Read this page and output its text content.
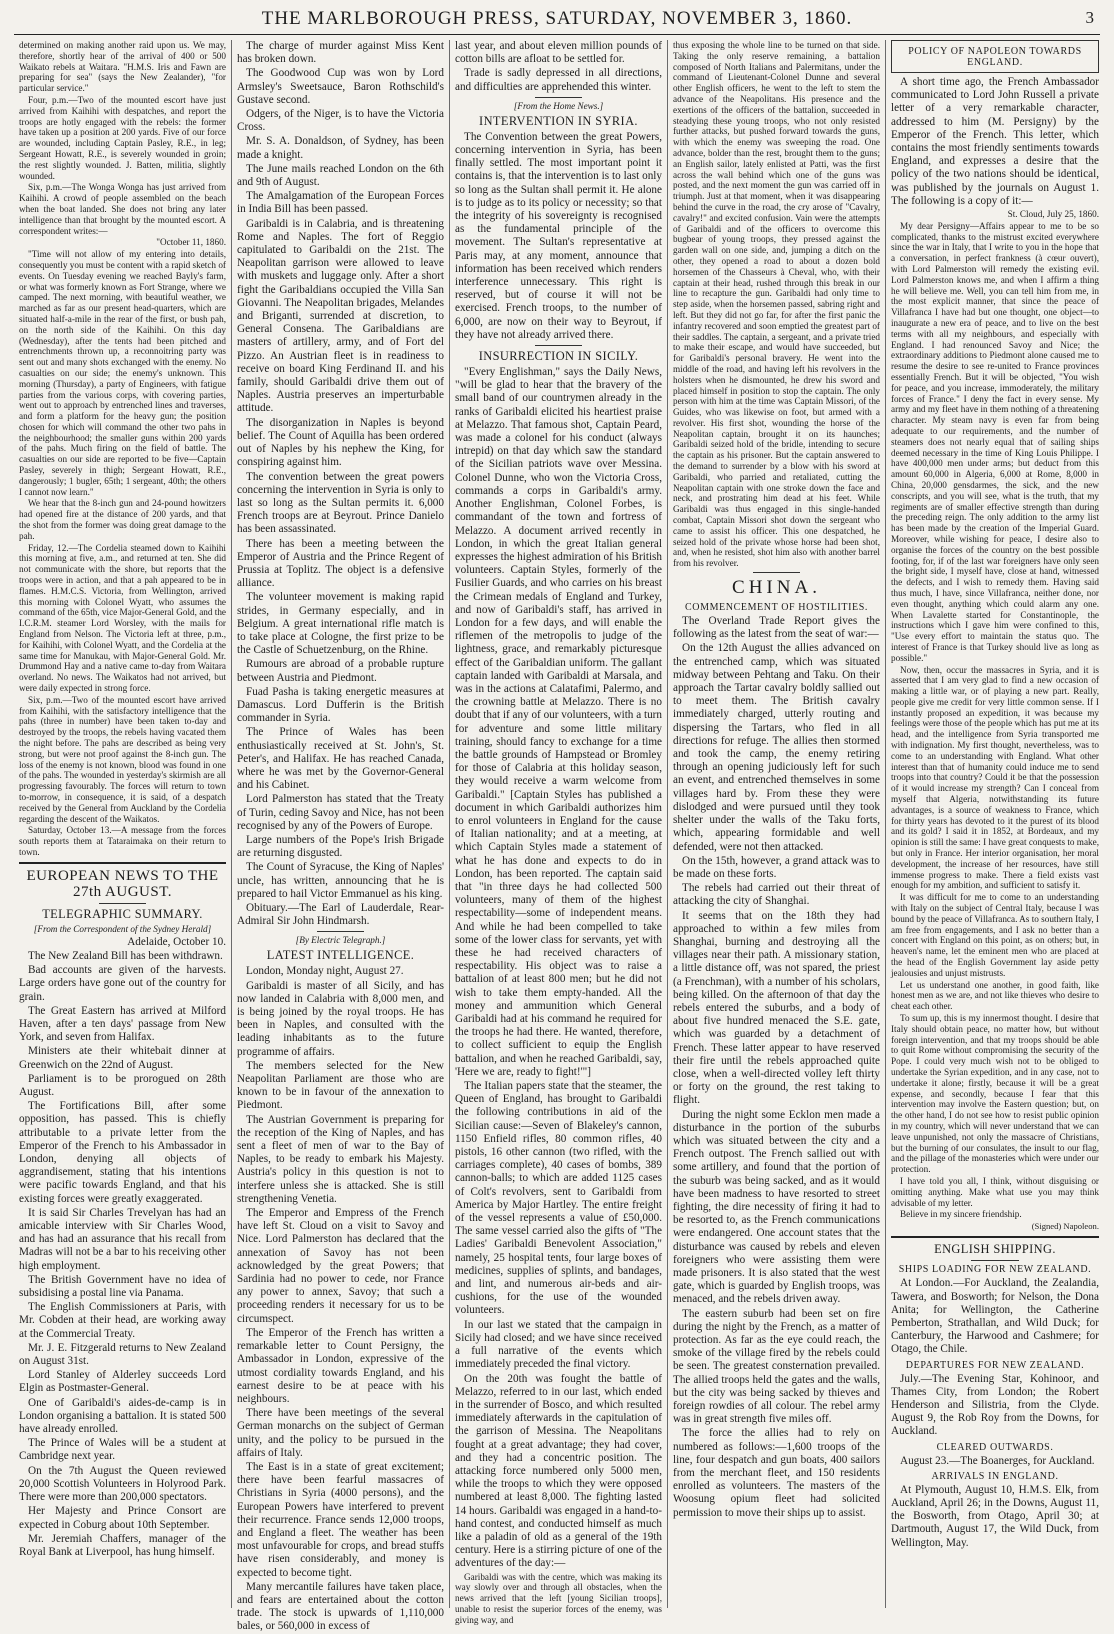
THE MARLBOROUGH PRESS, SATURDAY, NOVEMBER 3, 1860.	3

determined on making another raid upon us. We may, therefore, shortly hear of the arrival of 400 or 500 Waikato rebels at Waitara. "H.M.S. Iris and Fawn are preparing for sea" (says the New Zealander), "for particular service."

Four, p.m.—Two of the mounted escort have just arrived from Kaihihi with despatches, and report the troops are hotly engaged with the rebels: the former have taken up a position at 200 yards. Five of our force are wounded, including Captain Pasley, R.E., in leg; Sergeant Howatt, R.E., is severely wounded in groin; the rest slightly wounded. J. Batten, militia, slightly wounded.

Six, p.m.—The Wonga Wonga has just arrived from Kaihihi. A crowd of people assembled on the beach when the boat landed. She does not bring any later intelligence than that brought by the mounted escort. A correspondent writes:—

"October 11, 1860.

"Time will not allow of my entering into details, consequently you must be content with a rapid sketch of events. On Tuesday evening we reached Bayly's farm, or what was formerly known as Fort Strange, where we camped. The next morning, with beautiful weather, we marched as far as our present head-quarters, which are situated half-a-mile in the rear of the first, or bush pah, on the north side of the Kaihihi. On this day (Wednesday), after the tents had been pitched and entrenchments thrown up, a reconnoitring party was sent out and many shots exchanged with the enemy. No casualties on our side; the enemy's unknown. This morning (Thursday), a party of Engineers, with fatigue parties from the various corps, with covering parties, went out to approach by entrenched lines and traverses, and form a platform for the heavy gun; the position chosen for which will command the other two pahs in the neighbourhood; the smaller guns within 200 yards of the pahs. Much firing on the field of battle. The casualties on our side are reported to be five—Captain Pasley, severely in thigh; Sergeant Howatt, R.E., dangerously; 1 bugler, 65th; 1 sergeant, 40th; the others I cannot now learn."

We hear that the 8-inch gun and 24-pound howitzers had opened fire at the distance of 200 yards, and that the shot from the former was doing great damage to the pah.

Friday, 12.—The Cordelia steamed down to Kaihihi this morning at five, a.m., and returned at ten. She did not communicate with the shore, but reports that the troops were in action, and that a pah appeared to be in flames. H.M.C.S. Victoria, from Wellington, arrived this morning with Colonel Wyatt, who assumes the command of the 65th, vice Major-General Gold, and the I.C.R.M. steamer Lord Worsley, with the mails for England from Nelson. The Victoria left at three, p.m., for Kaihihi, with Colonel Wyatt, and the Cordelia at the same time for Manukau, with Major-General Gold. Mr. Drummond Hay and a native came to-day from Waitara overland. No news. The Waikatos had not arrived, but were daily expected in strong force.

Six, p.m.—Two of the mounted escort have arrived from Kaihihi, with the satisfactory intelligence that the pahs (three in number) have been taken to-day and destroyed by the troops, the rebels having vacated them the night before. The pahs are described as being very strong, but were not proof against the 8-inch gun. The loss of the enemy is not known, blood was found in one of the pahs. The wounded in yesterday's skirmish are all progressing favourably. The forces will return to town to-morrow, in consequence, it is said, of a despatch received by the General from Auckland by the Cordelia regarding the descent of the Waikatos.

Saturday, October 13.—A message from the forces south reports them at Tataraimaka on their return to town.

EUROPEAN NEWS TO THE 27th AUGUST.
TELEGRAPHIC SUMMARY.
[From the Correspondent of the Sydney Herald]

Adelaide, October 10.

The New Zealand Bill has been withdrawn.

Bad accounts are given of the harvests. Large orders have gone out of the country for grain.

The Great Eastern has arrived at Milford Haven, after a ten days' passage from New York, and seven from Halifax.

Ministers ate their whitebait dinner at Greenwich on the 22nd of August.

Parliament is to be prorogued on 28th August.

The Fortifications Bill, after some opposition, has passed. This is chiefly attributable to a private letter from the Emperor of the French to his Ambassador in London, denying all objects of aggrandisement, stating that his intentions were pacific towards England, and that his existing forces were greatly exaggerated.

It is said Sir Charles Trevelyan has had an amicable interview with Sir Charles Wood, and has had an assurance that his recall from Madras will not be a bar to his receiving other high employment.

The British Government have no idea of subsidising a postal line via Panama.

The English Commissioners at Paris, with Mr. Cobden at their head, are working away at the Commercial Treaty.

Mr. J. E. Fitzgerald returns to New Zealand on August 31st.

Lord Stanley of Alderley succeeds Lord Elgin as Postmaster-General.

One of Garibaldi's aides-de-camp is in London organising a battalion. It is stated 500 have already enrolled.

The Prince of Wales will be a student at Cambridge next year.

On the 7th August the Queen reviewed 20,000 Scottish Volunteers in Holyrood Park. There were more than 200,000 spectators.

Her Majesty and Prince Consort are expected in Coburg about 10th September.

Mr. Jeremiah Chaffers, manager of the Royal Bank at Liverpool, has hung himself.

The charge of murder against Miss Kent has broken down.

The Goodwood Cup was won by Lord Armsley's Sweetsauce, Baron Rothschild's Gustave second.

Odgers, of the Niger, is to have the Victoria Cross.

Mr. S. A. Donaldson, of Sydney, has been made a knight.

The June mails reached London on the 6th and 9th of August.

The Amalgamation of the European Forces in India Bill has been passed.

Garibaldi is in Calabria, and is threatening Rome and Naples. The fort of Reggio capitulated to Garibaldi on the 21st. The Neapolitan garrison were allowed to leave with muskets and luggage only. After a short fight the Garibaldians occupied the Villa San Giovanni. The Neapolitan brigades, Melandes and Briganti, surrended at discretion, to General Consena. The Garibaldians are masters of artillery, army, and of Fort del Pizzo. An Austrian fleet is in readiness to receive on board King Ferdinand II. and his family, should Garibaldi drive them out of Naples. Austria preserves an imperturbable attitude.

The disorganization in Naples is beyond belief. The Count of Aquilla has been ordered out of Naples by his nephew the King, for conspiring against him.

The convention between the great powers concerning the intervention in Syria is only to last so long as the Sultan permits it. 6,000 French troops are at Beyrout. Prince Danielo has been assassinated.

There has been a meeting between the Emperor of Austria and the Prince Regent of Prussia at Toplitz. The object is a defensive alliance.

The volunteer movement is making rapid strides, in Germany especially, and in Belgium. A great international rifle match is to take place at Cologne, the first prize to be the Castle of Schuetzenburg, on the Rhine.

Rumours are abroad of a probable rupture between Austria and Piedmont.

Fuad Pasha is taking energetic measures at Damascus. Lord Dufferin is the British commander in Syria.

The Prince of Wales has been enthusiastically received at St. John's, St. Peter's, and Halifax. He has reached Canada, where he was met by the Governor-General and his Cabinet.

Lord Palmerston has stated that the Treaty of Turin, ceding Savoy and Nice, has not been recognised by any of the Powers of Europe.

Large numbers of the Pope's Irish Brigade are returning disgusted.

The Count of Syracuse, the King of Naples' uncle, has written, announcing that he is prepared to hail Victor Emmanuel as his king.

Obituary.—The Earl of Lauderdale, Rear-Admiral Sir John Hindmarsh.

[By Electric Telegraph.]
LATEST INTELLIGENCE.

London, Monday night, August 27.

Garibaldi is master of all Sicily, and has now landed in Calabria with 8,000 men, and is being joined by the royal troops. He has been in Naples, and consulted with the leading inhabitants as to the future programme of affairs.

The members selected for the New Neapolitan Parliament are those who are known to be in favour of the annexation to Piedmont.

The Austrian Government is preparing for the reception of the King of Naples, and has sent a fleet of men of war to the Bay of Naples, to be ready to embark his Majesty. Austria's policy in this question is not to interfere unless she is attacked. She is still strengthening Venetia.

The Emperor and Empress of the French have left St. Cloud on a visit to Savoy and Nice. Lord Palmerston has declared that the annexation of Savoy has not been acknowledged by the great Powers; that Sardinia had no power to cede, nor France any power to annex, Savoy; that such a proceeding renders it necessary for us to be circumspect.

The Emperor of the French has written a remarkable letter to Count Persigny, the Ambassador in London, expressive of the utmost cordiality towards England, and his earnest desire to be at peace with his neighbours.

There have been meetings of the several German monarchs on the subject of German unity, and the policy to be pursued in the affairs of Italy.

The East is in a state of great excitement; there have been fearful massacres of Christians in Syria (4000 persons), and the European Powers have interfered to prevent their recurrence. France sends 12,000 troops, and England a fleet. The weather has been most unfavourable for crops, and bread stuffs have risen considerably, and money is expected to become tight.

Many mercantile failures have taken place, and fears are entertained about the cotton trade. The stock is upwards of 1,110,000 bales, or 560,000 in excess of

last year, and about eleven million pounds of cotton bills are afloat to be settled for.

Trade is sadly depressed in all directions, and difficulties are apprehended this winter.

[From the Home News.]
INTERVENTION IN SYRIA.

The Convention between the great Powers, concerning intervention in Syria, has been finally settled. The most important point it contains is, that the intervention is to last only so long as the Sultan shall permit it. He alone is to judge as to its policy or necessity; so that the integrity of his sovereignty is recognised as the fundamental principle of the movement. The Sultan's representative at Paris may, at any moment, announce that information has been received which renders interference unnecessary. This right is reserved, but of course it will not be exercised. French troops, to the number of 6,000, are now on their way to Beyrout, if they have not already arrived there.

INSURRECTION IN SICILY.

"Every Englishman," says the Daily News, "will be glad to hear that the bravery of the small band of our countrymen already in the ranks of Garibaldi elicited his heartiest praise at Melazzo. That famous shot, Captain Peard, was made a colonel for his conduct (always intrepid) on that day which saw the standard of the Sicilian patriots wave over Messina. Colonel Dunne, who won the Victoria Cross, commands a corps in Garibaldi's army. Another Englishman, Colonel Forbes, is commandant of the town and fortress of Melazzo. A document arrived recently in London, in which the great Italian general expresses the highest admiration of his British volunteers. Captain Styles, formerly of the Fusilier Guards, and who carries on his breast the Crimean medals of England and Turkey, and now of Garibaldi's staff, has arrived in London for a few days, and will enable the riflemen of the metropolis to judge of the lightness, grace, and remarkably picturesque effect of the Garibaldian uniform. The gallant captain landed with Garibaldi at Marsala, and was in the actions at Calatafimi, Palermo, and the crowning battle at Melazzo. There is no doubt that if any of our volunteers, with a turn for adventure and some little military training, should fancy to exchange for a time the battle grounds of Hampstead or Bromley for those of Calabria at this holiday season, they would receive a warm welcome from Garibaldi." [Captain Styles has published a document in which Garibaldi authorizes him to enrol volunteers in England for the cause of Italian nationality; and at a meeting, at which Captain Styles made a statement of what he has done and expects to do in London, has been reported. The captain said that "in three days he had collected 500 volunteers, many of them of the highest respectability—some of independent means. And while he had been compelled to take some of the lower class for servants, yet with these he had received characters of respectability. His object was to raise a battalion of at least 800 men; but he did not wish to take them empty-handed. All the money and ammunition which General Garibaldi had at his command he required for the troops he had there. He wanted, therefore, to collect sufficient to equip the English battalion, and when he reached Garibaldi, say, 'Here we are, ready to fight!'"]

The Italian papers state that the steamer, the Queen of England, has brought to Garibaldi the following contributions in aid of the Sicilian cause:—Seven of Blakeley's cannon, 1150 Enfield rifles, 80 common rifles, 40 pistols, 16 other cannon (two rifled, with the carriages complete), 40 cases of bombs, 389 cannon-balls; to which are added 1125 cases of Colt's revolvers, sent to Garibaldi from America by Major Hartley. The entire freight of the vessel represents a value of £50,000. The same vessel carried also the gifts of "The Ladies' Garibaldi Benevolent Association," namely, 25 hospital tents, four large boxes of medicines, supplies of splints, and bandages, and lint, and numerous air-beds and air-cushions, for the use of the wounded volunteers.

In our last we stated that the campaign in Sicily had closed; and we have since received a full narrative of the events which immediately preceded the final victory.

On the 20th was fought the battle of Melazzo, referred to in our last, which ended in the surrender of Bosco, and which resulted immediately afterwards in the capitulation of the garrison of Messina. The Neapolitans fought at a great advantage; they had cover, and they had a concentric position. The attacking force numbered only 5000 men, while the troops to which they were opposed numbered at least 8,000. The fighting lasted 14 hours. Garibaldi was engaged in a hand-to-hand contest, and conducted himself as much like a paladin of old as a general of the 19th century. Here is a stirring picture of one of the adventures of the day:—

Garibaldi was with the centre, which was making its way slowly over and through all obstacles, when the news arrived that the left [young Sicilian troops], unable to resist the superior forces of the enemy, was giving way, and

thus exposing the whole line to be turned on that side. Taking the only reserve remaining, a battalion composed of North Italians and Palermitans, under the command of Lieutenant-Colonel Dunne and several other English officers, he went to the left to stem the advance of the Neapolitans. His presence and the exertions of the officers of the battalion, succeeded in steadying these young troops, who not only resisted further attacks, but pushed forward towards the guns, with which the enemy was sweeping the road. One advance, bolder than the rest, brought them to the guns; an English sailor, lately enlisted at Patti, was the first across the wall behind which one of the guns was posted, and the next moment the gun was carried off in triumph. Just at that moment, when it was disappearing behind the curve in the road, the cry arose of "Cavalry, cavalry!" and excited confusion. Vain were the attempts of Garibaldi and of the officers to overcome this bugbear of young troops, they pressed against the garden wall on one side, and, jumping a ditch on the other, they opened a road to about a dozen bold horsemen of the Chasseurs à Cheval, who, with their captain at their head, rushed through this break in our line to recapture the gun. Garibaldi had only time to step aside, when the horsemen passed, sabring right and left. But they did not go far, for after the first panic the infantry recovered and soon emptied the greatest part of their saddles. The captain, a sergeant, and a private tried to make their escape, and would have succeeded, but for Garibaldi's personal bravery. He went into the middle of the road, and having left his revolvers in the holsters when he dismounted, he drew his sword and placed himself in position to stop the captain. The only person with him at the time was Captain Missori, of the Guides, who was likewise on foot, but armed with a revolver. His first shot, wounding the horse of the Neapolitan captain, brought it on its haunches; Garibaldi seized hold of the bridle, intending to secure the captain as his prisoner. But the captain answered to the demand to surrender by a blow with his sword at Garibaldi, who parried and retaliated, cutting the Neapolitan captain with one stroke down the face and neck, and prostrating him dead at his feet. While Garibaldi was thus engaged in this single-handed combat, Captain Missori shot down the sergeant who came to assist his officer. This one despatched, he seized hold of the private whose horse had been shot, and, when he resisted, shot him also with another barrel from his revolver.

CHINA.
COMMENCEMENT OF HOSTILITIES.

The Overland Trade Report gives the following as the latest from the seat of war:—

On the 12th August the allies advanced on the entrenched camp, which was situated midway between Pehtang and Taku. On their approach the Tartar cavalry boldly sallied out to meet them. The British cavalry immediately charged, utterly routing and dispersing the Tartars, who fled in all directions for refuge. The allies then stormed and took the camp, the enemy retiring through an opening judiciously left for such an event, and entrenched themselves in some villages hard by. From these they were dislodged and were pursued until they took shelter under the walls of the Taku forts, which, appearing formidable and well defended, were not then attacked.

On the 15th, however, a grand attack was to be made on these forts.

The rebels had carried out their threat of attacking the city of Shanghai.

It seems that on the 18th they had approached to within a few miles from Shanghai, burning and destroying all the villages near their path. A missionary station, a little distance off, was not spared, the priest (a Frenchman), with a number of his scholars, being killed. On the afternoon of that day the rebels entered the suburbs, and a body of about five hundred menaced the S.E. gate, which was guarded by a detachment of French. These latter appear to have reserved their fire until the rebels approached quite close, when a well-directed volley left thirty or forty on the ground, the rest taking to flight.

During the night some Ecklon men made a disturbance in the portion of the suburbs which was situated between the city and a French outpost. The French sallied out with some artillery, and found that the portion of the suburb was being sacked, and as it would have been madness to have resorted to street fighting, the dire necessity of firing it had to be resorted to, as the French communications were endangered. One account states that the disturbance was caused by rebels and eleven foreigners who were assisting them were made prisoners. It is also stated that the west gate, which is guarded by English troops, was menaced, and the rebels driven away.

The eastern suburb had been set on fire during the night by the French, as a matter of protection. As far as the eye could reach, the smoke of the village fired by the rebels could be seen. The greatest consternation prevailed. The allied troops held the gates and the walls, but the city was being sacked by thieves and foreign rowdies of all colour. The rebel army was in great strength five miles off.

The force the allies had to rely on numbered as follows:—1,600 troops of the line, four despatch and gun boats, 400 sailors from the merchant fleet, and 150 residents enrolled as volunteers. The masters of the Woosung opium fleet had solicited permission to move their ships up to assist.

POLICY OF NAPOLEON TOWARDS ENGLAND.

A short time ago, the French Ambassador communicated to Lord John Russell a private letter of a very remarkable character, addressed to him (M. Persigny) by the Emperor of the French. This letter, which contains the most friendly sentiments towards England, and expresses a desire that the policy of the two nations should be identical, was published by the journals on August 1. The following is a copy of it:—

St. Cloud, July 25, 1860.

My dear Persigny—Affairs appear to me to be so complicated, thanks to the mistrust excited everywhere since the war in Italy, that I write to you in the hope that a conversation, in perfect frankness (à cœur ouvert), with Lord Palmerston will remedy the existing evil. Lord Palmerston knows me, and when I affirm a thing he will believe me. Well, you can tell him from me, in the most explicit manner, that since the peace of Villafranca I have had but one thought, one object—to inaugurate a new era of peace, and to live on the best terms with all my neighbours, and especially with England. I had renounced Savoy and Nice; the extraordinary additions to Piedmont alone caused me to resume the desire to see re-united to France provinces essentially French. But it will be objected, "You wish for peace, and you increase, immoderately, the military forces of France." I deny the fact in every sense. My army and my fleet have in them nothing of a threatening character. My steam navy is even far from being adequate to our requirements, and the number of steamers does not nearly equal that of sailing ships deemed necessary in the time of King Louis Philippe. I have 400,000 men under arms; but deduct from this amount 60,000 in Algeria, 6,000 at Rome, 8,000 in China, 20,000 gensdarmes, the sick, and the new conscripts, and you will see, what is the truth, that my regiments are of smaller effective strength than during the preceding reign. The only addition to the army list has been made by the creation of the Imperial Guard. Moreover, while wishing for peace, I desire also to organise the forces of the country on the best possible footing, for, if of the last war foreigners have only seen the bright side, I myself have, close at hand, witnessed the defects, and I wish to remedy them. Having said thus much, I have, since Villafranca, neither done, nor even thought, anything which could alarm any one. When Lavalette started for Constantinople, the instructions which I gave him were confined to this, "Use every effort to maintain the status quo. The interest of France is that Turkey should live as long as possible."

Now, then, occur the massacres in Syria, and it is asserted that I am very glad to find a new occasion of making a little war, or of playing a new part. Really, people give me credit for very little common sense. If I instantly proposed an expedition, it was because my feelings were those of the people which has put me at its head, and the intelligence from Syria transported me with indignation. My first thought, nevertheless, was to come to an understanding with England. What other interest than that of humanity could induce me to send troops into that country? Could it be that the possession of it would increase my strength? Can I conceal from myself that Algeria, notwithstanding its future advantages, is a source of weakness to France, which for thirty years has devoted to it the purest of its blood and its gold? I said it in 1852, at Bordeaux, and my opinion is still the same: I have great conquests to make, but only in France. Her interior organisation, her moral development, the increase of her resources, have still immense progress to make. There a field exists vast enough for my ambition, and sufficient to satisfy it.

It was difficult for me to come to an understanding with Italy on the subject of Central Italy, because I was bound by the peace of Villafranca. As to southern Italy, I am free from engagements, and I ask no better than a concert with England on this point, as on others; but, in heaven's name, let the eminent men who are placed at the head of the English Government lay aside petty jealousies and unjust mistrusts.

Let us understand one another, in good faith, like honest men as we are, and not like thieves who desire to cheat each other.

To sum up, this is my innermost thought. I desire that Italy should obtain peace, no matter how, but without foreign intervention, and that my troops should be able to quit Rome without compromising the security of the Pope. I could very much wish not to be obliged to undertake the Syrian expedition, and in any case, not to undertake it alone; firstly, because it will be a great expense, and secondly, because I fear that this intervention may involve the Eastern question; but, on the other hand, I do not see how to resist public opinion in my country, which will never understand that we can leave unpunished, not only the massacre of Christians, but the burning of our consulates, the insult to our flag, and the pillage of the monasteries which were under our protection.

I have told you all, I think, without disguising or omitting anything. Make what use you may think advisable of my letter.

Believe in my sincere friendship.

(Signed) Napoleon.

ENGLISH SHIPPING.
SHIPS LOADING FOR NEW ZEALAND.

At London.—For Auckland, the Zealandia, Tawera, and Bosworth; for Nelson, the Dona Anita; for Wellington, the Catherine Pemberton, Strathallan, and Wild Duck; for Canterbury, the Harwood and Cashmere; for Otago, the Chile.

DEPARTURES FOR NEW ZEALAND.

July.—The Evening Star, Kohinoor, and Thames City, from London; the Robert Henderson and Silistria, from the Clyde. August 9, the Rob Roy from the Downs, for Auckland.

CLEARED OUTWARDS.

August 23.—The Boanerges, for Auckland.

ARRIVALS IN ENGLAND.

At Plymouth, August 10, H.M.S. Elk, from Auckland, April 26; in the Downs, August 11, the Bosworth, from Otago, April 30; at Dartmouth, August 17, the Wild Duck, from Wellington, May.
